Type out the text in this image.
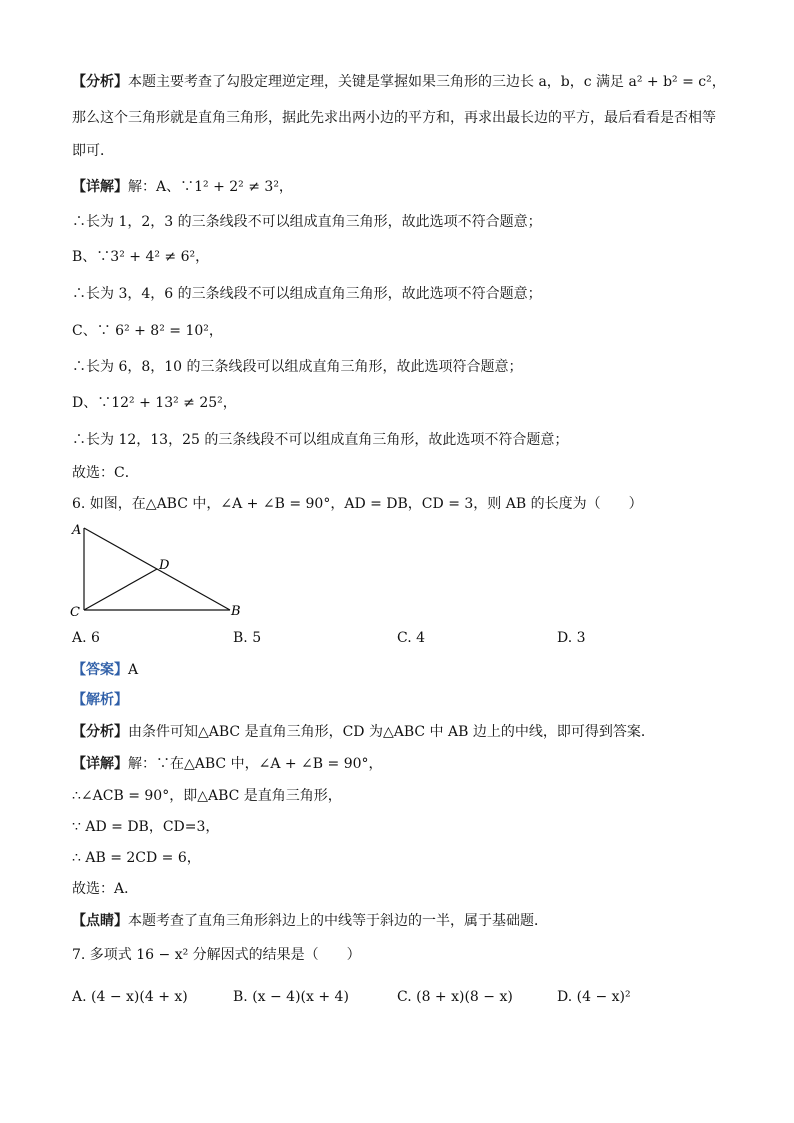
【分析】本题主要考查了勾股定理逆定理，关键是掌握如果三角形的三边长 a，b，c 满足 a² + b² = c²，
那么这个三角形就是直角三角形，据此先求出两小边的平方和，再求出最长边的平方，最后看看是否相等
即可．
【详解】解：A、∵1² + 2² ≠ 3²，
∴长为 1，2，3 的三条线段不可以组成直角三角形，故此选项不符合题意；
B、∵3² + 4² ≠ 6²，
∴长为 3，4，6 的三条线段不可以组成直角三角形，故此选项不符合题意；
C、∵ 6² + 8² = 10²，
∴长为 6，8，10 的三条线段可以组成直角三角形，故此选项符合题意；
D、∵12² + 13² ≠ 25²，
∴长为 12，13，25 的三条线段不可以组成直角三角形，故此选项不符合题意；
故选：C．
6. 如图，在△ABC 中，∠A + ∠B = 90°，AD = DB，CD = 3，则 AB 的长度为（　　）
A
C	B
D
A. 6	B. 5	C. 4	D. 3
【答案】A
【解析】
【分析】由条件可知△ABC 是直角三角形，CD 为△ABC 中 AB 边上的中线，即可得到答案．
【详解】解：∵在△ABC 中，∠A + ∠B = 90°，
∴∠ACB = 90°，即△ABC 是直角三角形，
∵ AD = DB，CD=3，
∴ AB = 2CD = 6，
故选：A．
【点睛】本题考查了直角三角形斜边上的中线等于斜边的一半，属于基础题．
7. 多项式 16 − x² 分解因式的结果是（　　）
A. (4 − x)(4 + x)	B. (x − 4)(x + 4)	C. (8 + x)(8 − x)	D. (4 − x)²
